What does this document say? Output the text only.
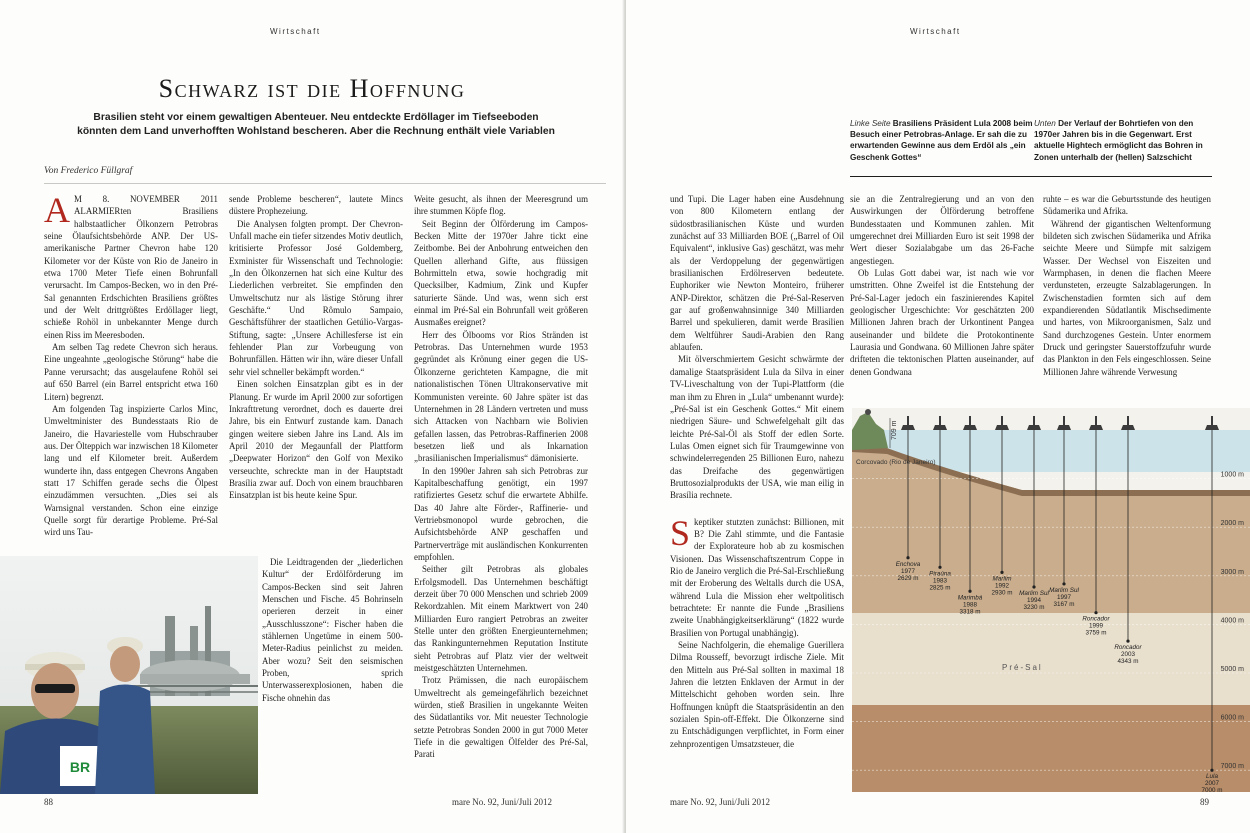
Wirtschaft
Schwarz ist die Hoffnung
Brasilien steht vor einem gewaltigen Abenteuer. Neu entdeckte Erdöllager im Tiefseeboden
könnten dem Land unverhofften Wohlstand bescheren. Aber die Rechnung enthält viele Variablen
Von Frederico Füllgraf

A M 8. NOVEMBER 2011 ALARMIERten Brasiliens halbstaatlicher Ölkonzern Petrobras seine Ölaufsichtsbehörde ANP. Der US-amerikanische Partner Chevron habe 120 Kilometer vor der Küste von Rio de Janeiro in etwa 1700 Meter Tiefe einen Bohrunfall verursacht. Im Campos-Becken, wo in den Pré-Sal genannten Erdschichten Brasiliens größtes und der Welt drittgrößtes Erdöllager liegt, schieße Rohöl in unbekannter Menge durch einen Riss im Meeresboden.

Am selben Tag redete Chevron sich heraus. Eine ungeahnte „geologische Störung“ habe die Panne verursacht; das ausgelaufene Rohöl sei auf 650 Barrel (ein Barrel entspricht etwa 160 Litern) begrenzt.

Am folgenden Tag inspizierte Carlos Minc, Umweltminister des Bundesstaats Rio de Janeiro, die Havariestelle vom Hubschrauber aus. Der Ölteppich war inzwischen 18 Kilometer lang und elf Kilometer breit. Außerdem wunderte ihn, dass entgegen Chevrons Angaben statt 17 Schiffen gerade sechs die Ölpest einzudämmen versuchten. „Dies sei als Warnsignal verstanden. Schon eine einzige Quelle sorgt für derartige Probleme. Pré-Sal wird uns Tau-

sende Probleme bescheren“, lautete Mincs düstere Prophezeiung.

Die Analysen folgten prompt. Der Chevron-Unfall mache ein tiefer sitzendes Motiv deutlich, kritisierte Professor José Goldemberg, Exminister für Wissenschaft und Technologie: „In den Ölkonzernen hat sich eine Kultur des Liederlichen verbreitet. Sie empfinden den Umweltschutz nur als lästige Störung ihrer Geschäfte.“ Und Rômulo Sampaio, Geschäftsführer der staatlichen Getúlio-Vargas-Stiftung, sagte: „Unsere Achillesferse ist ein fehlender Plan zur Vorbeugung von Bohrunfällen. Hätten wir ihn, wäre dieser Unfall sehr viel schneller bekämpft worden.“

Einen solchen Einsatzplan gibt es in der Planung. Er wurde im April 2000 zur sofortigen Inkrafttretung verordnet, doch es dauerte drei Jahre, bis ein Entwurf zustande kam. Danach gingen weitere sieben Jahre ins Land. Als im April 2010 der Megaunfall der Plattform „Deepwater Horizon“ den Golf von Mexiko verseuchte, schreckte man in der Hauptstadt Brasília zwar auf. Doch von einem brauchbaren Einsatzplan ist bis heute keine Spur.

Die Leidtragenden der „liederlichen Kultur“ der Erdölförderung im Campos-Becken sind seit Jahren Menschen und Fische. 45 Bohrinseln operieren derzeit in einer „Ausschlusszone“: Fischer haben die stählernen Ungetüme in einem 500-Meter-Radius peinlichst zu meiden. Aber wozu? Seit den seismischen Proben, sprich Unterwasserexplosionen, haben die Fische ohnehin das

Weite gesucht, als ihnen der Meeresgrund um ihre stummen Köpfe flog.

Seit Beginn der Ölförderung im Campos-Becken Mitte der 1970er Jahre tickt eine Zeitbombe. Bei der Anbohrung entweichen den Quellen allerhand Gifte, aus flüssigen Bohrmitteln etwa, sowie hochgradig mit Quecksilber, Kadmium, Zink und Kupfer saturierte Sände. Und was, wenn sich erst einmal im Pré-Sal ein Bohrunfall weit größeren Ausmaßes ereignet?

Herr des Ölbooms vor Rios Stränden ist Petrobras. Das Unternehmen wurde 1953 gegründet als Krönung einer gegen die US-Ölkonzerne gerichteten Kampagne, die mit nationalistischen Tönen Ultrakonservative mit Kommunisten vereinte. 60 Jahre später ist das Unternehmen in 28 Ländern vertreten und muss sich Attacken von Nachbarn wie Bolivien gefallen lassen, das Petrobras-Raffinerien 2008 besetzen ließ und als Inkarnation „brasilianischen Imperialismus“ dämonisierte.

In den 1990er Jahren sah sich Petrobras zur Kapitalbeschaffung genötigt, ein 1997 ratifiziertes Gesetz schuf die erwartete Abhilfe. Das 40 Jahre alte Förder-, Raffinerie- und Vertriebsmonopol wurde gebrochen, die Aufsichtsbehörde ANP geschaffen und Partnerverträge mit ausländischen Konkurrenten empfohlen.

Seither gilt Petrobras als globales Erfolgsmodell. Das Unternehmen beschäftigt derzeit über 70 000 Menschen und schrieb 2009 Rekordzahlen. Mit einem Marktwert von 240 Milliarden Euro rangiert Petrobras an zweiter Stelle unter den größten Energieunternehmen; das Rankingunternehmen Reputation Institute sieht Petrobras auf Platz vier der weltweit meistgeschätzten Unternehmen.

Trotz Prämissen, die nach europäischem Umweltrecht als gemeingefährlich bezeichnet würden, stieß Brasilien in ungekannte Weiten des Südatlantiks vor. Mit neuester Technologie setzte Petrobras Sonden 2000 in gut 7000 Meter Tiefe in die gewaltigen Ölfelder des Pré-Sal, Parati

BR
88
Wirtschaft
Linke Seite Brasiliens Präsident Lula 2008 beim Besuch einer Petrobras-Anlage. Er sah die zu erwartenden Gewinne aus dem Erdöl als „ein Geschenk Gottes“
Unten Der Verlauf der Bohrtiefen von den 1970er Jahren bis in die Gegenwart. Erst aktuelle Hightech ermöglicht das Bohren in Zonen unterhalb der (hellen) Salzschicht

und Tupi. Die Lager haben eine Ausdehnung von 800 Kilometern entlang der südostbrasilianischen Küste und wurden zunächst auf 33 Milliarden BOE („Barrel of Oil Equivalent“, inklusive Gas) geschätzt, was mehr als der Verdoppelung der gegenwärtigen brasilianischen Erdölreserven bedeutete. Euphoriker wie Newton Monteiro, früherer ANP-Direktor, schätzen die Pré-Sal-Reserven gar auf großenwahnsinnige 340 Milliarden Barrel und spekulieren, damit werde Brasilien dem Weltführer Saudi-Arabien den Rang ablaufen.

Mit ölverschmiertem Gesicht schwärmte der damalige Staatspräsident Lula da Silva in einer TV-Liveschaltung von der Tupi-Plattform (die man ihm zu Ehren in „Lula“ umbenannt wurde): „Pré-Sal ist ein Geschenk Gottes.“ Mit einem niedrigen Säure- und Schwefelgehalt gilt das leichte Pré-Sal-Öl als Stoff der edlen Sorte. Lulas Omen eignet sich für Traumgewinne von schwindelerregenden 25 Billionen Euro, nahezu das Dreifache des gegenwärtigen Bruttosozialprodukts der USA, wie man eilig in Brasília rechnete.

Skeptiker stutzten zunächst: Billionen, mit B? Die Zahl stimmte, und die Fantasie der Explorateure hob ab zu kosmischen Visionen. Das Wissenschaftszentrum Coppe in Rio de Janeiro verglich die Pré-Sal-Erschließung mit der Eroberung des Weltalls durch die USA, während Lula die Mission eher weltpolitisch betrachtete: Er nannte die Funde „Brasiliens zweite Unabhängigkeitserklärung“ (1822 wurde Brasilien von Portugal unabhängig).

Seine Nachfolgerin, die ehemalige Guerillera Dilma Rousseff, bevorzugt irdische Ziele. Mit den Mitteln aus Pré-Sal sollten in maximal 18 Jahren die letzten Enklaven der Armut in der Mittelschicht gehoben worden sein. Ihre Hoffnungen knüpft die Staatspräsidentin an den sozialen Spin-off-Effekt. Die Ölkonzerne sind zu Entschädigungen verpflichtet, in Form einer zehnprozentigen Umsatzsteuer, die

sie an die Zentralregierung und an von den Auswirkungen der Ölförderung betroffene Bundesstaaten und Kommunen zahlen. Mit umgerechnet drei Milliarden Euro ist seit 1998 der Wert dieser Sozialabgabe um das 26-Fache angestiegen.

Ob Lulas Gott dabei war, ist nach wie vor umstritten. Ohne Zweifel ist die Entstehung der Pré-Sal-Lager jedoch ein faszinierendes Kapitel geologischer Urgeschichte: Vor geschätzten 200 Millionen Jahren brach der Urkontinent Pangea auseinander und bildete die Protokontinente Laurasia und Gondwana. 60 Millionen Jahre später drifteten die tektonischen Platten auseinander, auf denen Gondwana

ruhte – es war die Geburtsstunde des heutigen Südamerika und Afrika.

Während der gigantischen Weltenformung bildeten sich zwischen Südamerika und Afrika seichte Meere und Sümpfe mit salzigem Wasser. Der Wechsel von Eiszeiten und Warmphasen, in denen die flachen Meere verdunsteten, erzeugte Salzablagerungen. In Zwischenstadien formten sich auf dem expandierenden Südatlantik Mischsedimente und hartes, von Mikroorganismen, Salz und Sand durchzogenes Gestein. Unter enormem Druck und geringster Sauerstoffzufuhr wurde das Plankton in den Fels eingeschlossen. Seine Millionen Jahre währende Verwesung

mare No. 92, Juni/Juli 2012	89
mare No. 92, Juni/Juli 2012
Enchova
1977
2629 m
Piraúna
1983
2825 m
Marimbá
1988
3318 m
Marlim
1992
2930 m Marlim Sul
1994
3230 m
Marlim Sul
1997
3167 m
Roncador
1999
3759 m
Roncador
2003
4343 m
Lula
2007
7000 m
1000 m
2000 m
3000 m
4000 m
5000 m
6000 m
7000 m
709 m
Corcovado (Rio de Janeiro)
Pré-Sal
